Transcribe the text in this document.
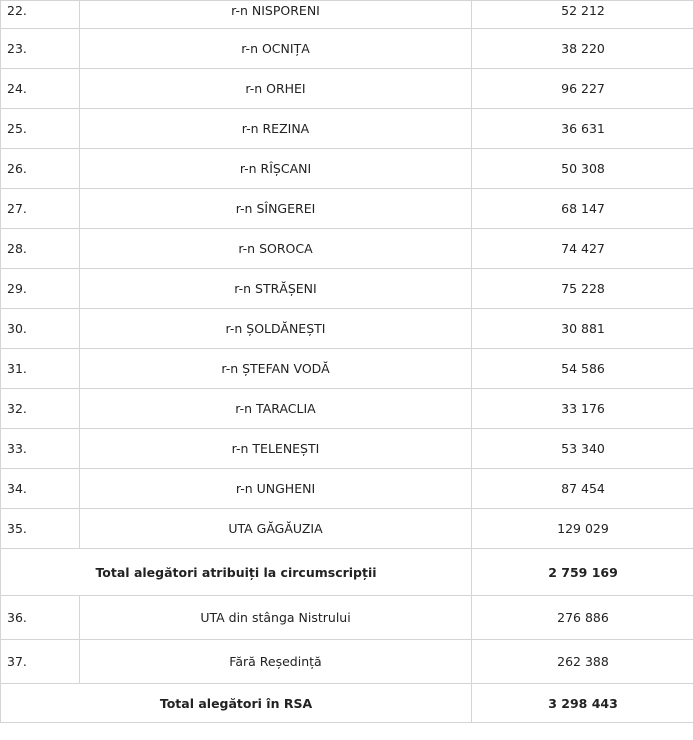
22.	r-n NISPORENI	52 212
23.	r-n OCNIȚA	38 220
24.	r-n ORHEI	96 227
25.	r-n REZINA	36 631
26.	r-n RÎȘCANI	50 308
27.	r-n SÎNGEREI	68 147
28.	r-n SOROCA	74 427
29.	r-n STRĂȘENI	75 228
30.	r-n ȘOLDĂNEȘTI	30 881
31.	r-n ȘTEFAN VODĂ	54 586
32.	r-n TARACLIA	33 176
33.	r-n TELENEȘTI	53 340
34.	r-n UNGHENI	87 454
35.	UTA GĂGĂUZIA	129 029
Total alegători atribuiți la circumscripții		2 759 169
36.	UTA din stânga Nistrului	276 886
37.	Fără Reședință	262 388
Total alegători în RSA		3 298 443
